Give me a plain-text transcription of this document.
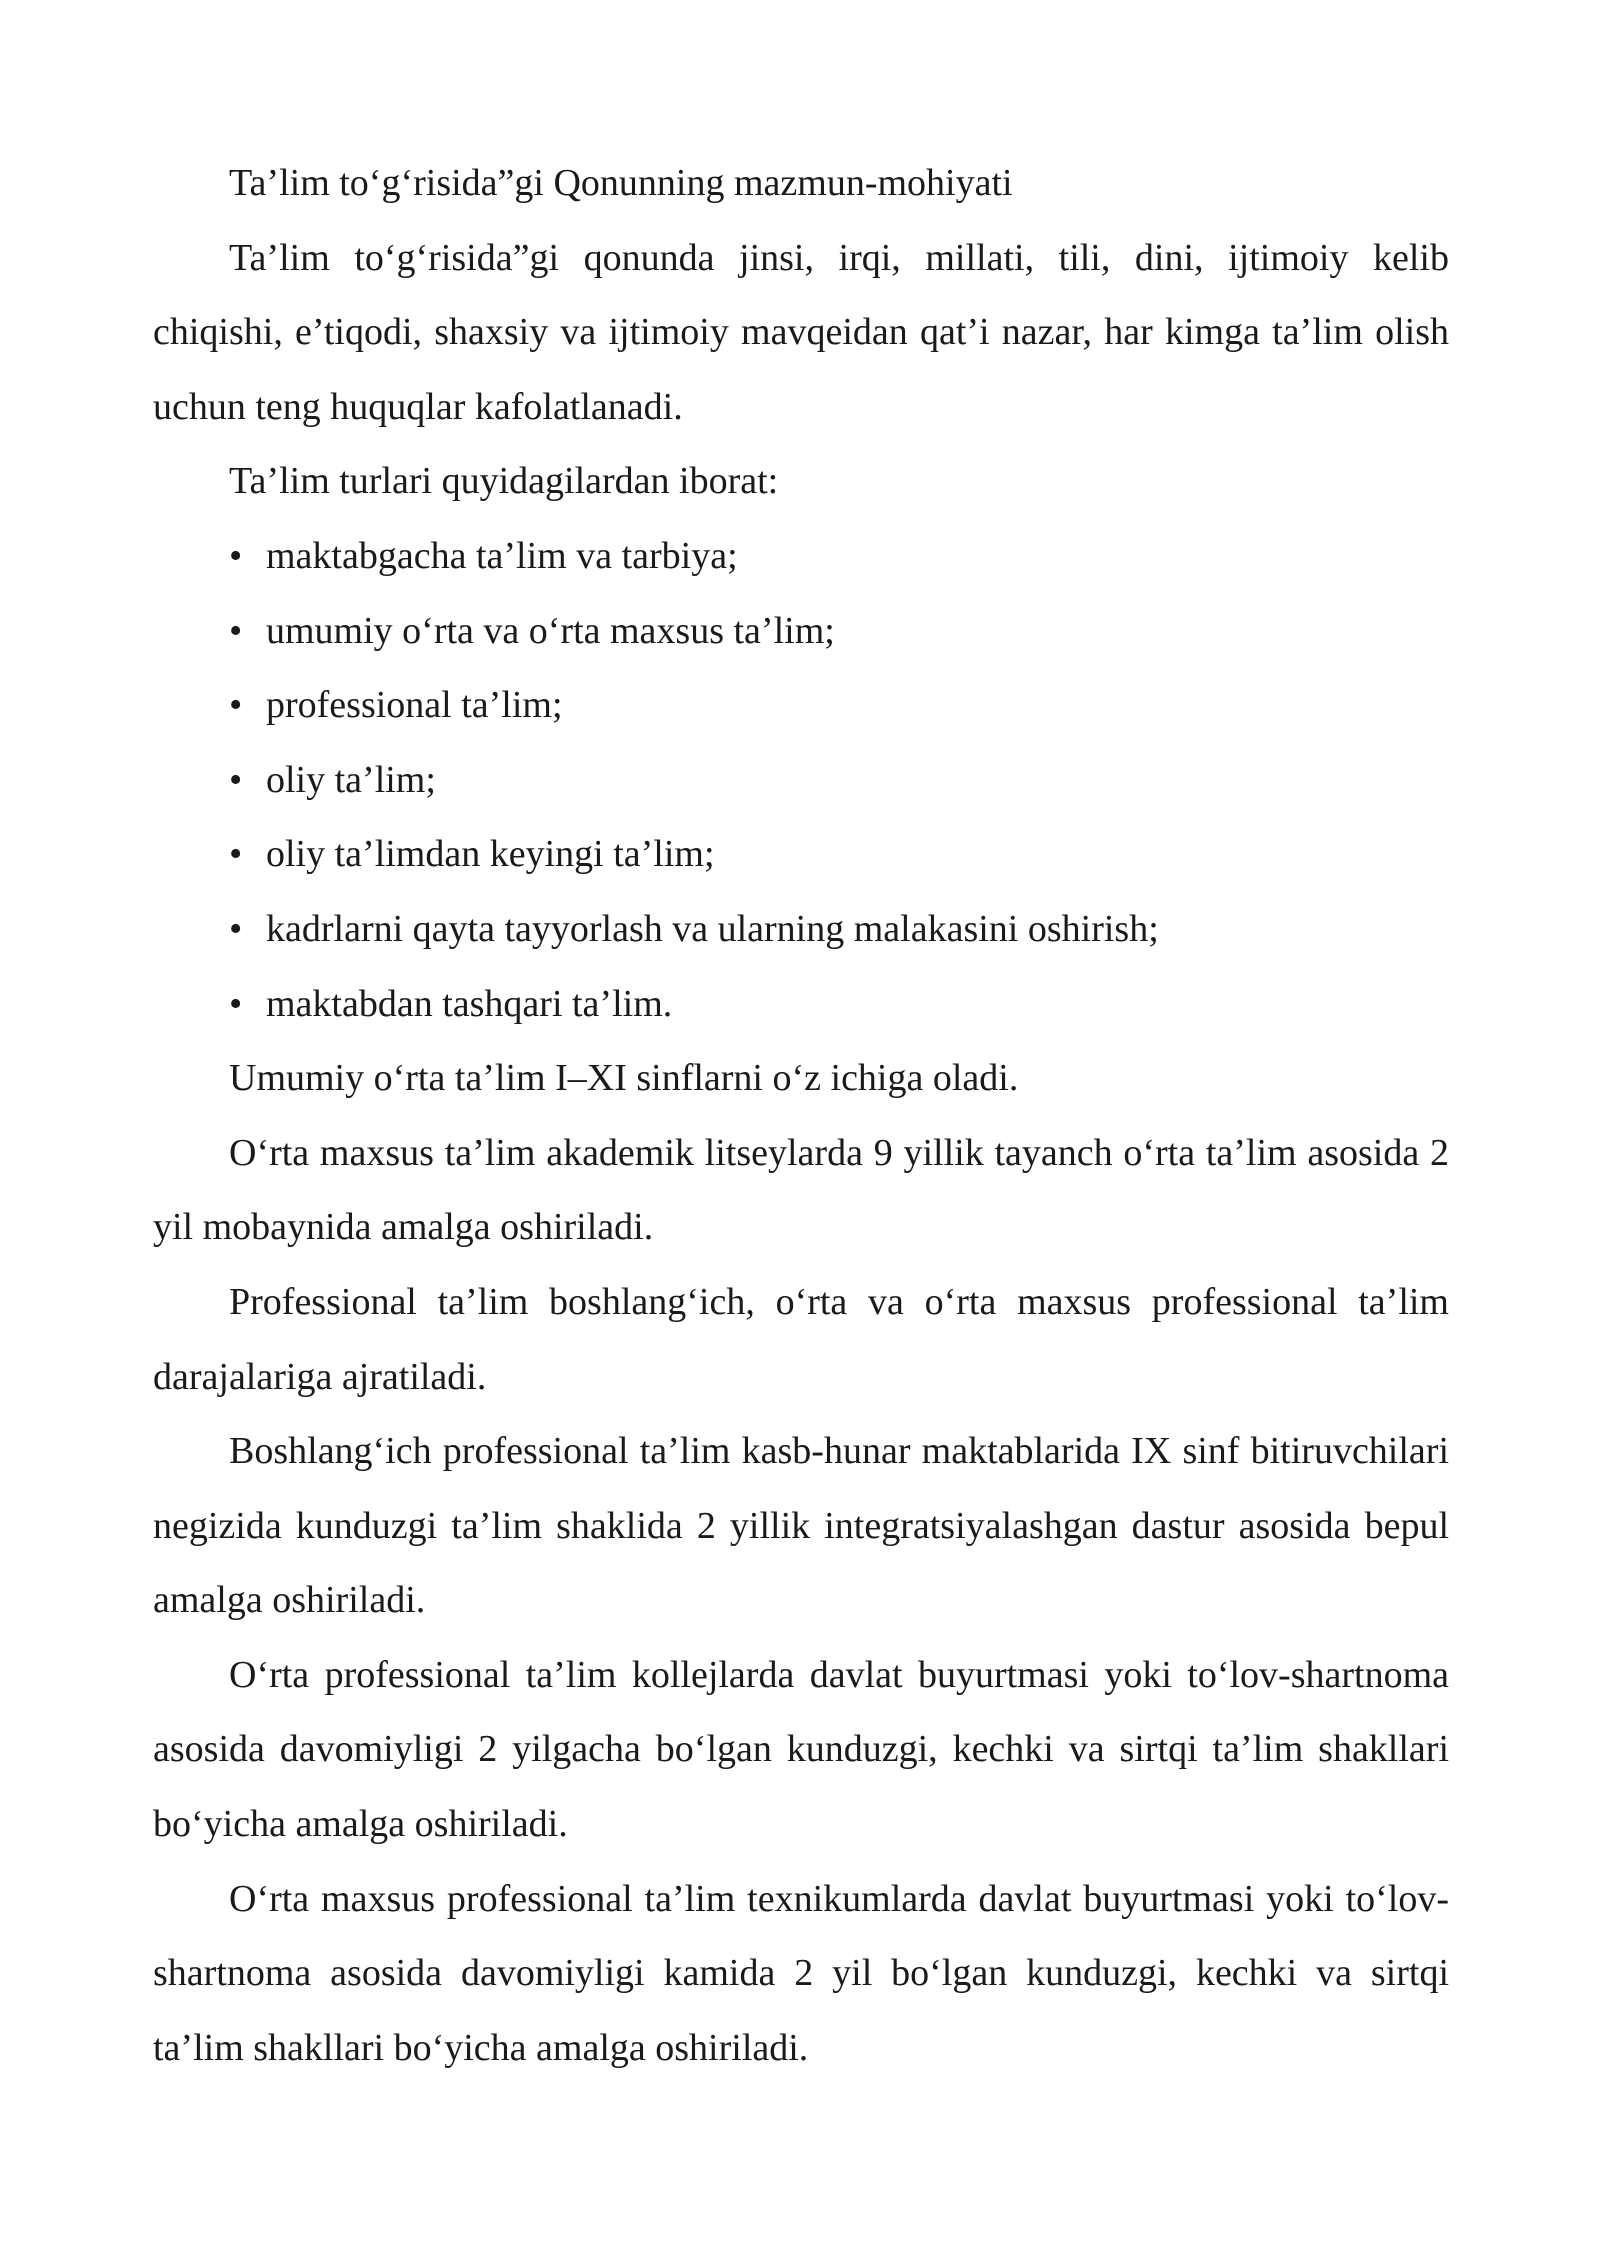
Ta’lim to‘g‘risida”gi Qonunning mazmun-mohiyati

Ta’lim to‘g‘risida”gi qonunda jinsi, irqi, millati, tili, dini, ijtimoiy kelib chiqishi, e’tiqodi, shaxsiy va ijtimoiy mavqeidan qat’i nazar, har kimga ta’lim olish uchun teng huquqlar kafolatlanadi.

Ta’lim turlari quyidagilardan iborat:

• maktabgacha ta’lim va tarbiya;
• umumiy o‘rta va o‘rta maxsus ta’lim;
• professional ta’lim;
• oliy ta’lim;
• oliy ta’limdan keyingi ta’lim;
• kadrlarni qayta tayyorlash va ularning malakasini oshirish;
• maktabdan tashqari ta’lim.

Umumiy o‘rta ta’lim I–XI sinflarni o‘z ichiga oladi.

O‘rta maxsus ta’lim akademik litseylarda 9 yillik tayanch o‘rta ta’lim asosida 2 yil mobaynida amalga oshiriladi.

Professional ta’lim boshlang‘ich, o‘rta va o‘rta maxsus professional ta’lim darajalariga ajratiladi.

Boshlang‘ich professional ta’lim kasb-hunar maktablarida IX sinf bitiruvchilari negizida kunduzgi ta’lim shaklida 2 yillik integratsiyalashgan dastur asosida bepul amalga oshiriladi.

O‘rta professional ta’lim kollejlarda davlat buyurtmasi yoki to‘lov-shartnoma asosida davomiyligi 2 yilgacha bo‘lgan kunduzgi, kechki va sirtqi ta’lim shakllari bo‘yicha amalga oshiriladi.

O‘rta maxsus professional ta’lim texnikumlarda davlat buyurtmasi yoki to‘lov-shartnoma asosida davomiyligi kamida 2 yil bo‘lgan kunduzgi, kechki va sirtqi ta’lim shakllari bo‘yicha amalga oshiriladi.
